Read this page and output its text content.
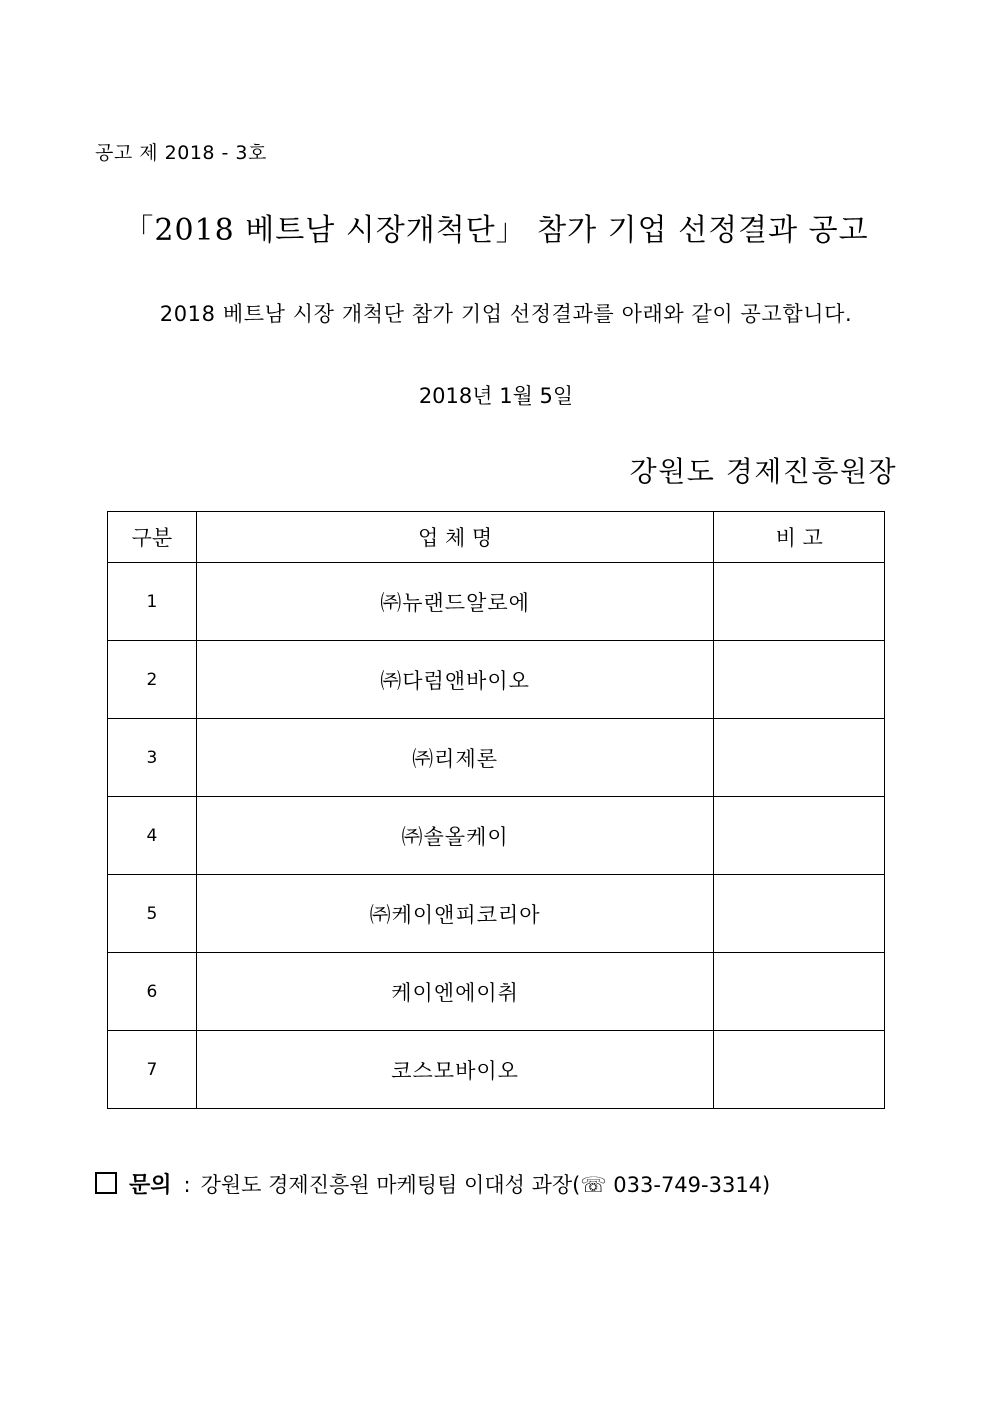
공고 제 2018 - 3호
「2018 베트남 시장개척단」 참가 기업 선정결과 공고
2018 베트남 시장 개척단 참가 기업 선정결과를 아래와 같이 공고합니다.
2018년 1월 5일
강원도 경제진흥원장
구분	업 체 명	비 고
1	㈜뉴랜드알로에	
2	㈜다럼앤바이오	
3	㈜리제론	
4	㈜솔올케이	
5	㈜케이앤피코리아	
6	케이엔에이취	
7	코스모바이오	
문의 : 강원도 경제진흥원 마케팅팀 이대성 과장(☏ 033-749-3314)
